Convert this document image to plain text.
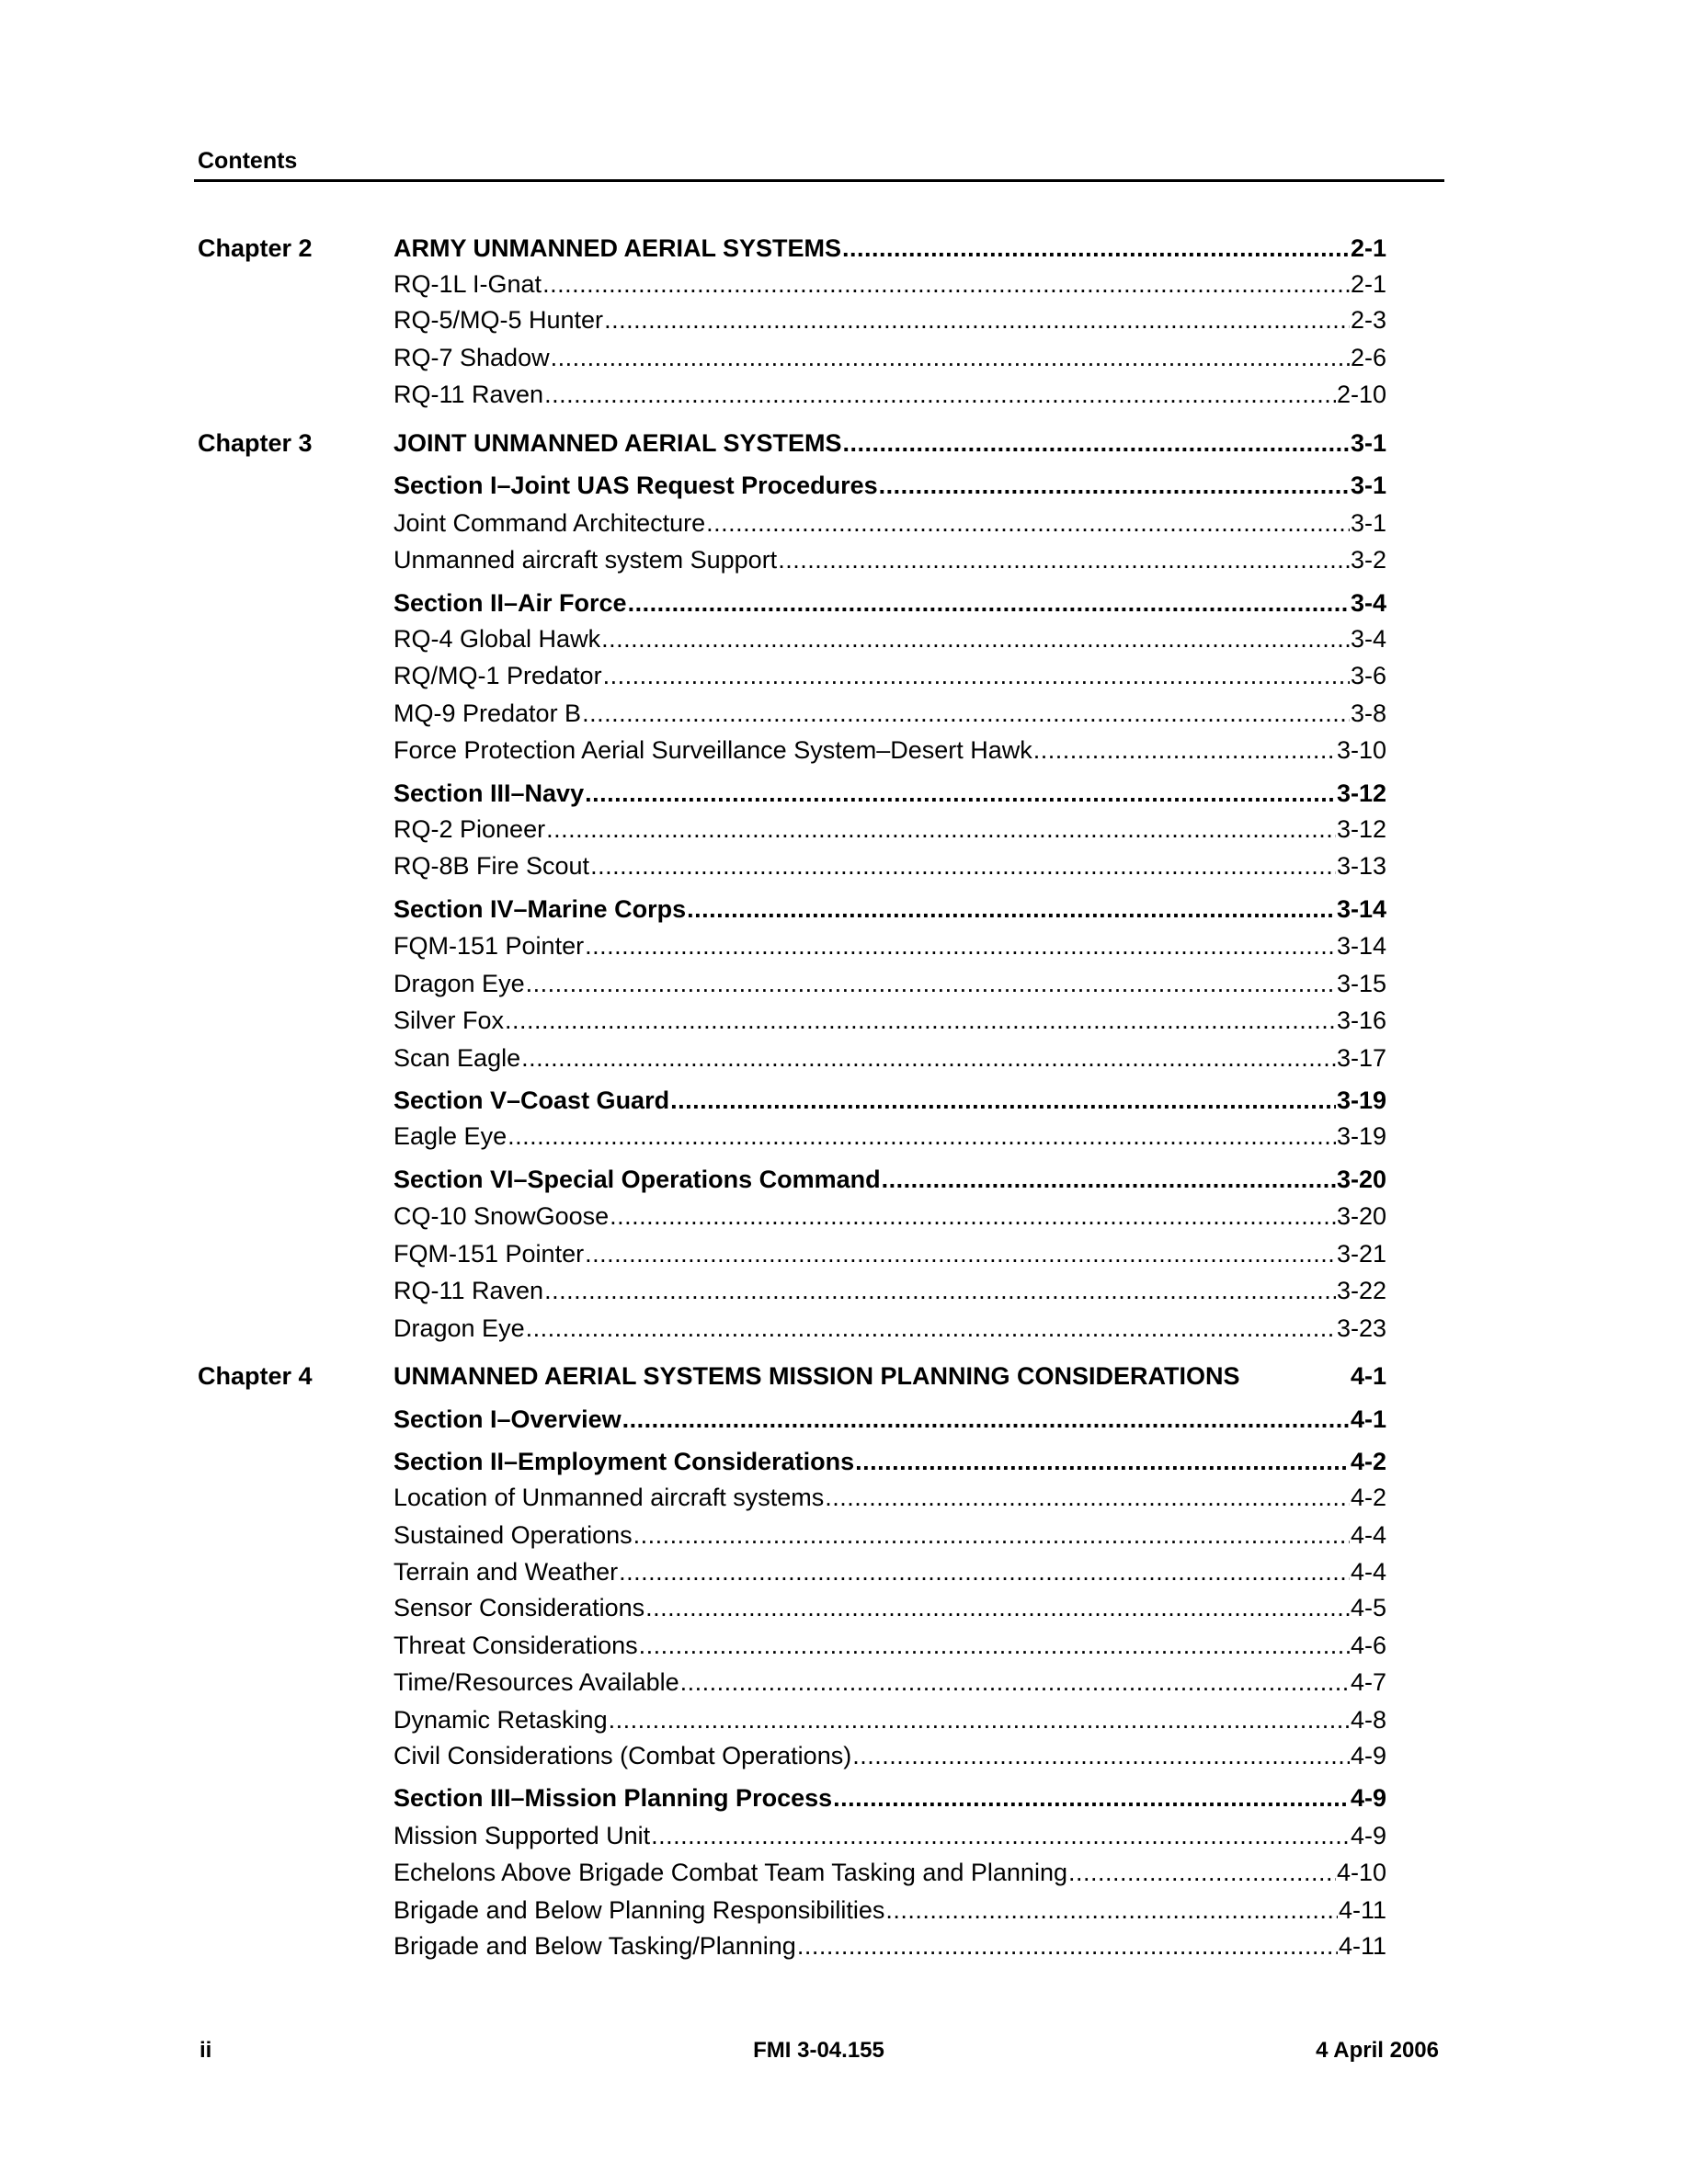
Contents
Chapter 2	ARMY UNMANNED AERIAL SYSTEMS .....	2-1
RQ-1L I-Gnat .....	2-1
RQ-5/MQ-5 Hunter .....	2-3
RQ-7 Shadow .....	2-6
RQ-11 Raven .....	2-10
Chapter 3	JOINT UNMANNED AERIAL SYSTEMS .....	3-1
Section I–Joint UAS Request Procedures .....	3-1
Joint Command Architecture .....	3-1
Unmanned aircraft system Support .....	3-2
Section II–Air Force .....	3-4
RQ-4 Global Hawk .....	3-4
RQ/MQ-1 Predator .....	3-6
MQ-9 Predator B .....	3-8
Force Protection Aerial Surveillance System–Desert Hawk .....	3-10
Section III–Navy .....	3-12
RQ-2 Pioneer .....	3-12
RQ-8B Fire Scout .....	3-13
Section IV–Marine Corps .....	3-14
FQM-151 Pointer .....	3-14
Dragon Eye .....	3-15
Silver Fox .....	3-16
Scan Eagle .....	3-17
Section V–Coast Guard .....	3-19
Eagle Eye .....	3-19
Section VI–Special Operations Command .....	3-20
CQ-10 SnowGoose .....	3-20
FQM-151 Pointer .....	3-21
RQ-11 Raven .....	3-22
Dragon Eye .....	3-23
Chapter 4	UNMANNED AERIAL SYSTEMS MISSION PLANNING CONSIDERATIONS	4-1
Section I–Overview .....	4-1
Section II–Employment Considerations .....	4-2
Location of Unmanned aircraft systems .....	4-2
Sustained Operations .....	4-4
Terrain and Weather .....	4-4
Sensor Considerations .....	4-5
Threat Considerations .....	4-6
Time/Resources Available .....	4-7
Dynamic Retasking .....	4-8
Civil Considerations (Combat Operations) .....	4-9
Section III–Mission Planning Process .....	4-9
Mission Supported Unit .....	4-9
Echelons Above Brigade Combat Team Tasking and Planning .....	4-10
Brigade and Below Planning Responsibilities .....	4-11
Brigade and Below Tasking/Planning .....	4-11
ii	FMI 3-04.155	4 April 2006
